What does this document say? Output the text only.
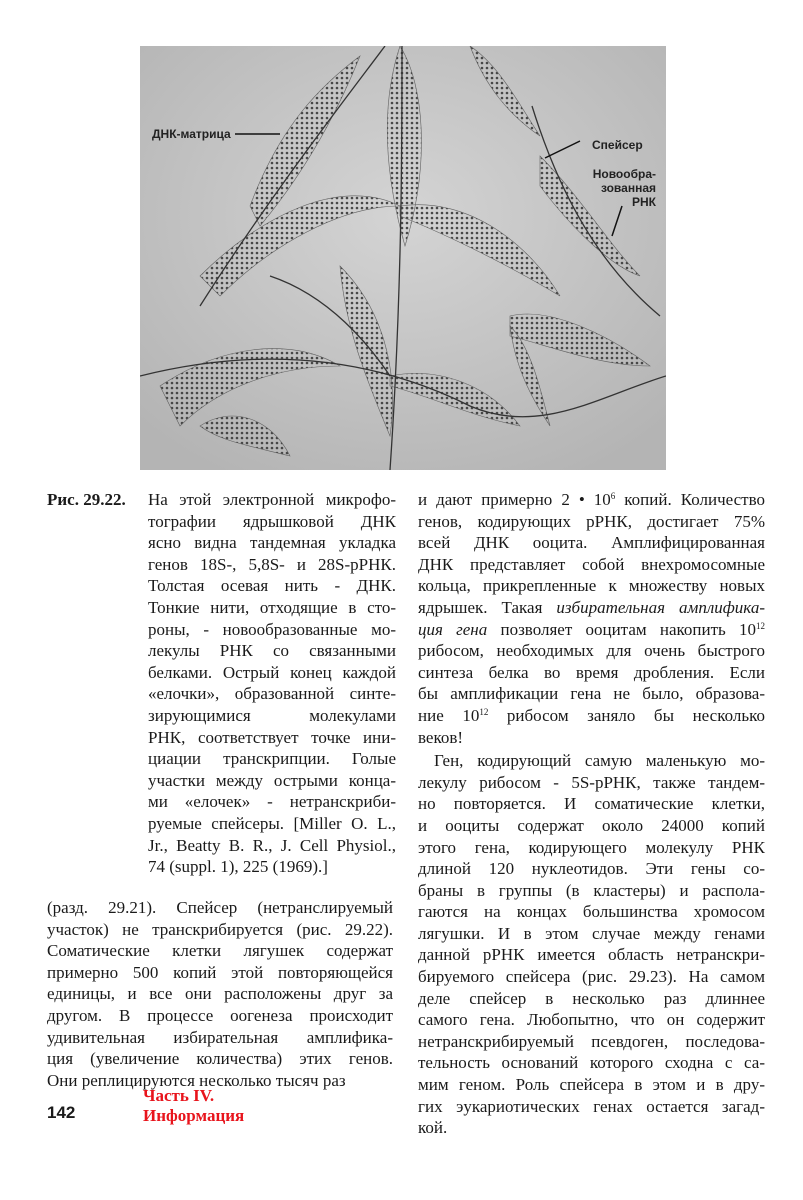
ДНК-матрица
Спейсер
Новообра-
зованная
РНК
Рис. 29.22. На этой электронной микрофо-
тографии ядрышковой ДНК
ясно видна тандемная укладка
генов 18S-, 5,8S- и 28S-рРНК.
Толстая осевая нить - ДНК.
Тонкие нити, отходящие в сто-
роны, - новообразованные мо-
лекулы РНК со связанными
белками. Острый конец каждой
«елочки», образованной синте-
зирующимися молекулами
РНК, соответствует точке ини-
циации транскрипции. Голые
участки между острыми конца-
ми «елочек» - нетранскриби-
руемые спейсеры. [Miller O. L.,
Jr., Beatty B. R., J. Cell Physiol.,
74 (suppl. 1), 225 (1969).]
(разд. 29.21). Спейсер (нетранслируемый
участок) не транскрибируется (рис. 29.22).
Соматические клетки лягушек содержат
примерно 500 копий этой повторяющейся
единицы, и все они расположены друг за
другом. В процессе оогенеза происходит
удивительная избирательная амплифика-
ция (увеличение количества) этих генов.
Они реплицируются несколько тысяч раз
и дают примерно 2 • $10^6$ копий. Количество
генов, кодирующих рРНК, достигает 75%
всей ДНК ооцита. Амплифицированная
ДНК представляет собой внехромосомные
кольца, прикрепленные к множеству новых
ядрышек. Такая избирательная амплифика-
ция гена позволяет ооцитам накопить $10^{12}$
рибосом, необходимых для очень быстрого
синтеза белка во время дробления. Если
бы амплификации гена не было, образова-
ние $10^{12}$ рибосом заняло бы несколько
веков!
Ген, кодирующий самую маленькую мо-
лекулу рибосом - 5S-рРНК, также тандем-
но повторяется. И соматические клетки,
и ооциты содержат около 24000 копий
этого гена, кодирующего молекулу РНК
длиной 120 нуклеотидов. Эти гены со-
браны в группы (в кластеры) и распола-
гаются на концах большинства хромосом
лягушки. И в этом случае между генами
данной рРНК имеется область нетранскри-
бируемого спейсера (рис. 29.23). На самом
деле спейсер в несколько раз длиннее
самого гена. Любопытно, что он содержит
нетранскрибируемый псевдоген, последова-
тельность оснований которого сходна с са-
мим геном. Роль спейсера в этом и в дру-
гих эукариотических генах остается загад-
кой.
142
Часть IV.
Информация
